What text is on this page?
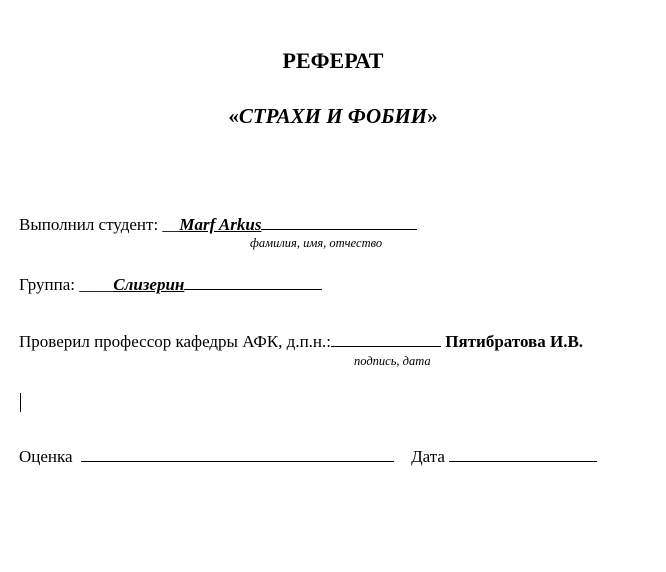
РЕФЕРАТ
«СТРАХИ И ФОБИИ»
Выполнил студент: __Marf Arkus
фамилия, имя, отчество
Группа: ____Слизерин
Проверил профессор кафедры АФК, д.п.н.:	Пятибратова И.В.
подпись, дата
Оценка	Дата
